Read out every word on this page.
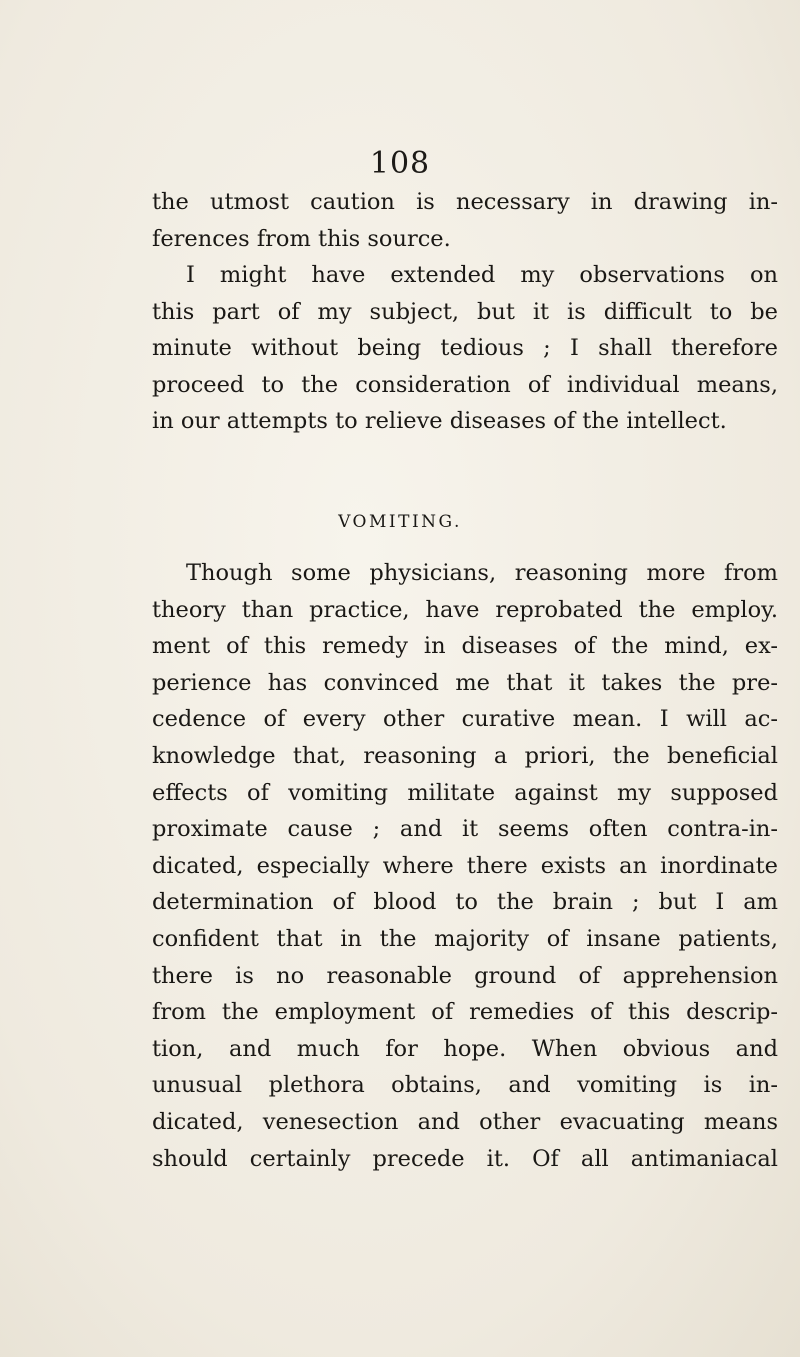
108
the utmost caution is necessary in drawing in-
ferences from this source.
I might have extended my observations on
this part of my subject, but it is difficult to be
minute without being tedious ; I shall therefore
proceed to the consideration of individual means,
in our attempts to relieve diseases of the intellect.
VOMITING.
Though some physicians, reasoning more from
theory than practice, have reprobated the employ.
ment of this remedy in diseases of the mind, ex-
perience has convinced me that it takes the pre-
cedence of every other curative mean. I will ac-
knowledge that, reasoning a priori, the beneficial
effects of vomiting militate against my supposed
proximate cause ; and it seems often contra-in-
dicated, especially where there exists an inordinate
determination of blood to the brain ; but I am
confident that in the majority of insane patients,
there is no reasonable ground of apprehension
from the employment of remedies of this descrip-
tion, and much for hope. When obvious and
unusual plethora obtains, and vomiting is in-
dicated, venesection and other evacuating means
should certainly precede it. Of all antimaniacal
